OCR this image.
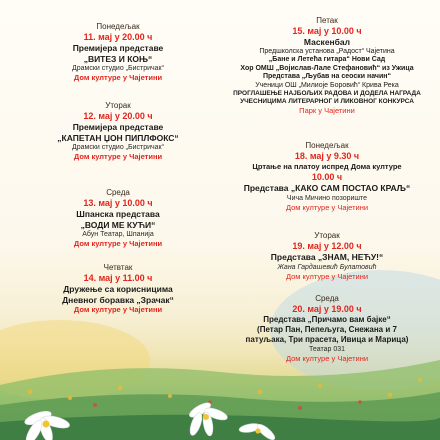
Понедељак
11. мај у 20.00 ч
Премијера представе
„ВИТЕЗ И КОЊ“
Драмски студио „Бистричак“
Дом културе у Чајетини
Уторак
12. мај у 20.00 ч
Премијера представе
„КАПЕТАН ЏОН ПИПЛФОКС“
Драмски студио „Бистричак“
Дом културе у Чајетини
Среда
13. мај у 10.00 ч
Шпанска представа
„ВОДИ МЕ КУЋИ“
Абун Театар, Шпанија
Дом културе у Чајетини
Четвтак
14. мај у 11.00 ч
Дружење са корисницима
Дневног боравка „Зрачак“
Дом културе у Чајетини
Петак
15. мај у 10.00 ч
Маскенбал
Предшколска установа „Радост“ Чајетина
„Бане и Летећа гитара“ Нови Сад
Хор ОМШ „Војислав-Лале Стефановић“ из Ужица
Представа „Љубав на сеоски начин“
Ученици ОШ „Милиоје Боровић“ Крива Река
ПРОГЛАШЕЊЕ НАЈБОЉИХ РАДОВА И ДОДЕЛА НАГРАДА
УЧЕСНИЦИМА ЛИТЕРАРНОГ И ЛИКОВНОГ КОНКУРСА
Парк у Чајетини
Понедељак
18. мај у 9.30 ч
Цртање на платоу испред Дома културе
10.00 ч
Представа „КАКО САМ ПОСТАО КРАЉ“
Чича Мичино позориште
Дом културе у Чајетини
Уторак
19. мај у 12.00 ч
Представа „ЗНАМ, НЕЋУ!“
Жана Гардашевић Булатовић
Дом културе у Чајетини
Среда
20. мај у 19.00 ч
Представа „Причамо вам бајке“
(Петар Пан, Пепељуга, Снежана и 7
патуљака, Три прасета, Ивица и Марица)
Театар 031
Дом културе у Чајетини
